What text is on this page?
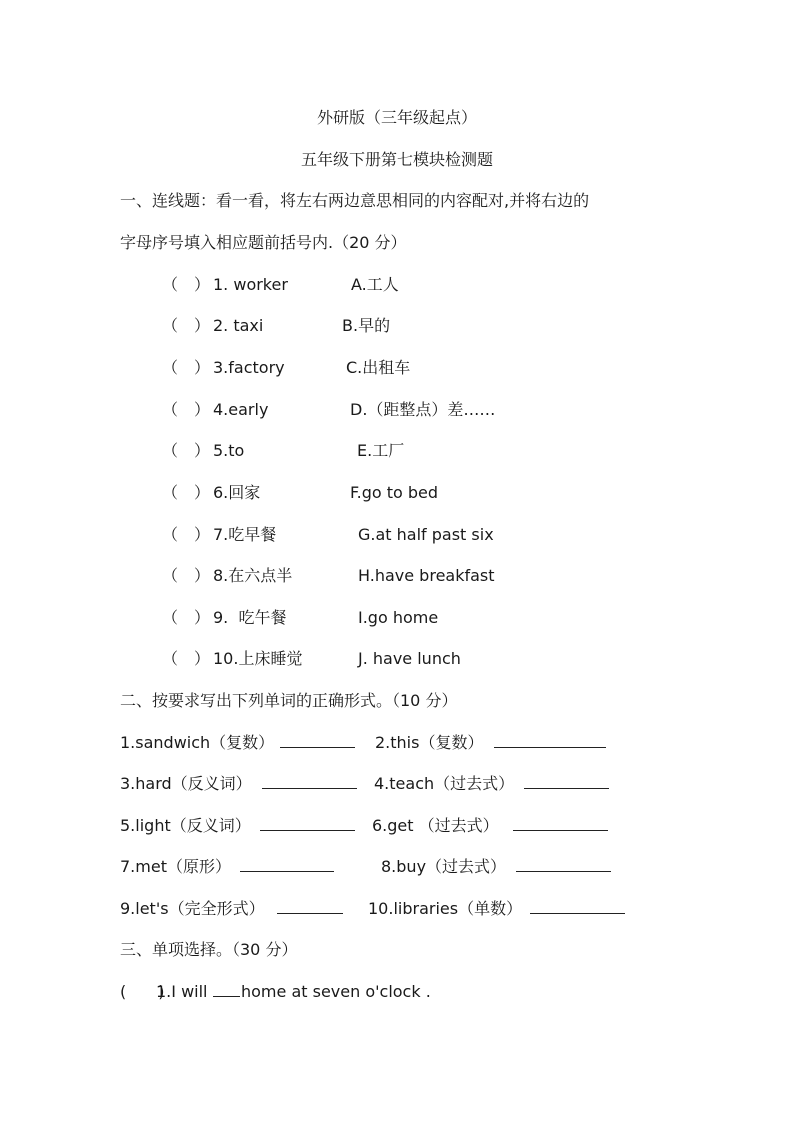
外研版（三年级起点）
五年级下册第七模块检测题
一、连线题：看一看，将左右两边意思相同的内容配对,并将右边的
字母序号填入相应题前括号内.（20 分）
（　） 1. worker	A.工人
（　） 2. taxi	B.早的
（　） 3.factory	C.出租车
（　） 4.early	D.（距整点）差……
（　） 5.to	E.工厂
（　） 6.回家	F.go to bed
（　） 7.吃早餐	G.at half past six
（　） 8.在六点半	H.have breakfast
（　） 9.  吃午餐	I.go home
（　） 10.上床睡觉	J. have lunch
二、按要求写出下列单词的正确形式。（10 分）
1.sandwich（复数）	2.this（复数）
3.hard（反义词）	4.teach（过去式）
5.light（反义词）	6.get （过去式）
7.met（原形）	8.buy（过去式）
9.let's（完全形式）	10.libraries（单数）
三、单项选择。（30 分）
(　　)
1.I will home at seven o'clock .
